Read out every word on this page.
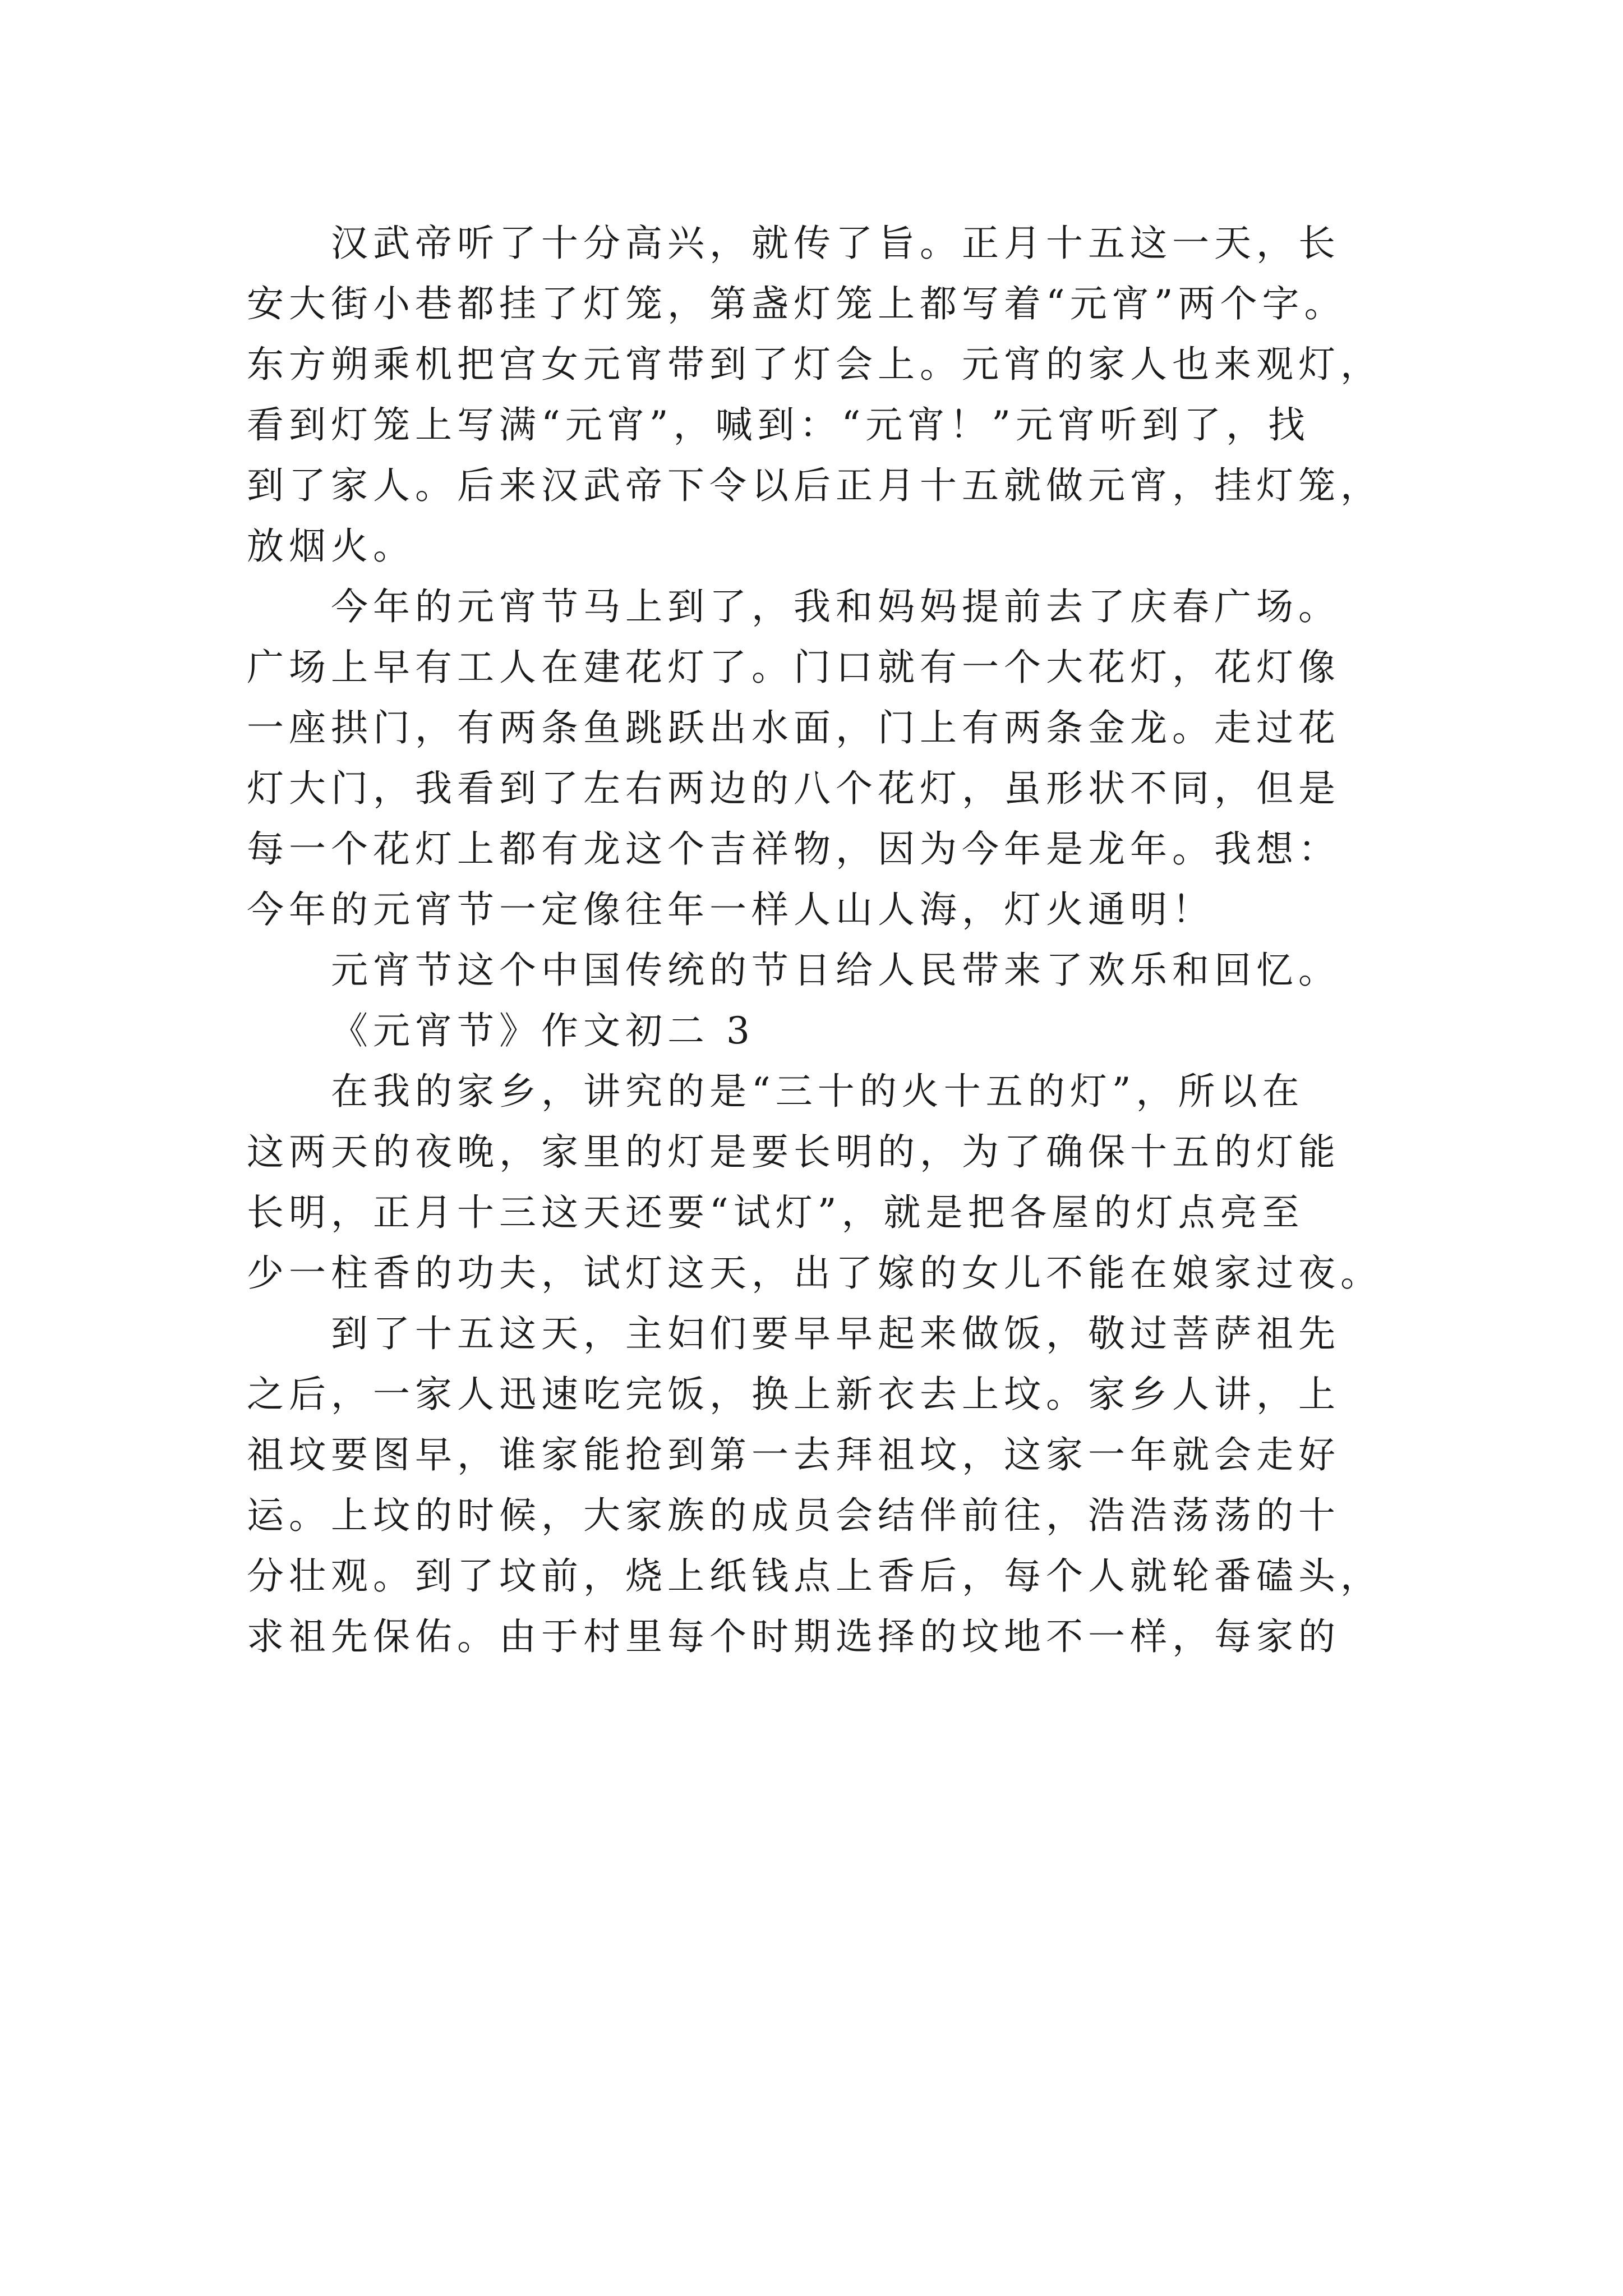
汉武帝听了十分高兴，就传了旨。正月十五这一天，长
安大街小巷都挂了灯笼，第盏灯笼上都写着“元宵”两个字。
东方朔乘机把宫女元宵带到了灯会上。元宵的家人也来观灯，
看到灯笼上写满“元宵”，喊到：“元宵！”元宵听到了，找
到了家人。后来汉武帝下令以后正月十五就做元宵，挂灯笼，
放烟火。
今年的元宵节马上到了，我和妈妈提前去了庆春广场。
广场上早有工人在建花灯了。门口就有一个大花灯，花灯像
一座拱门，有两条鱼跳跃出水面，门上有两条金龙。走过花
灯大门，我看到了左右两边的八个花灯，虽形状不同，但是
每一个花灯上都有龙这个吉祥物，因为今年是龙年。我想：
今年的元宵节一定像往年一样人山人海，灯火通明！
元宵节这个中国传统的节日给人民带来了欢乐和回忆。
《元宵节》作文初二 3
在我的家乡，讲究的是“三十的火十五的灯”，所以在
这两天的夜晚，家里的灯是要长明的，为了确保十五的灯能
长明，正月十三这天还要“试灯”，就是把各屋的灯点亮至
少一柱香的功夫，试灯这天，出了嫁的女儿不能在娘家过夜。
到了十五这天，主妇们要早早起来做饭，敬过菩萨祖先
之后，一家人迅速吃完饭，换上新衣去上坟。家乡人讲，上
祖坟要图早，谁家能抢到第一去拜祖坟，这家一年就会走好
运。上坟的时候，大家族的成员会结伴前往，浩浩荡荡的十
分壮观。到了坟前，烧上纸钱点上香后，每个人就轮番磕头，
求祖先保佑。由于村里每个时期选择的坟地不一样，每家的
